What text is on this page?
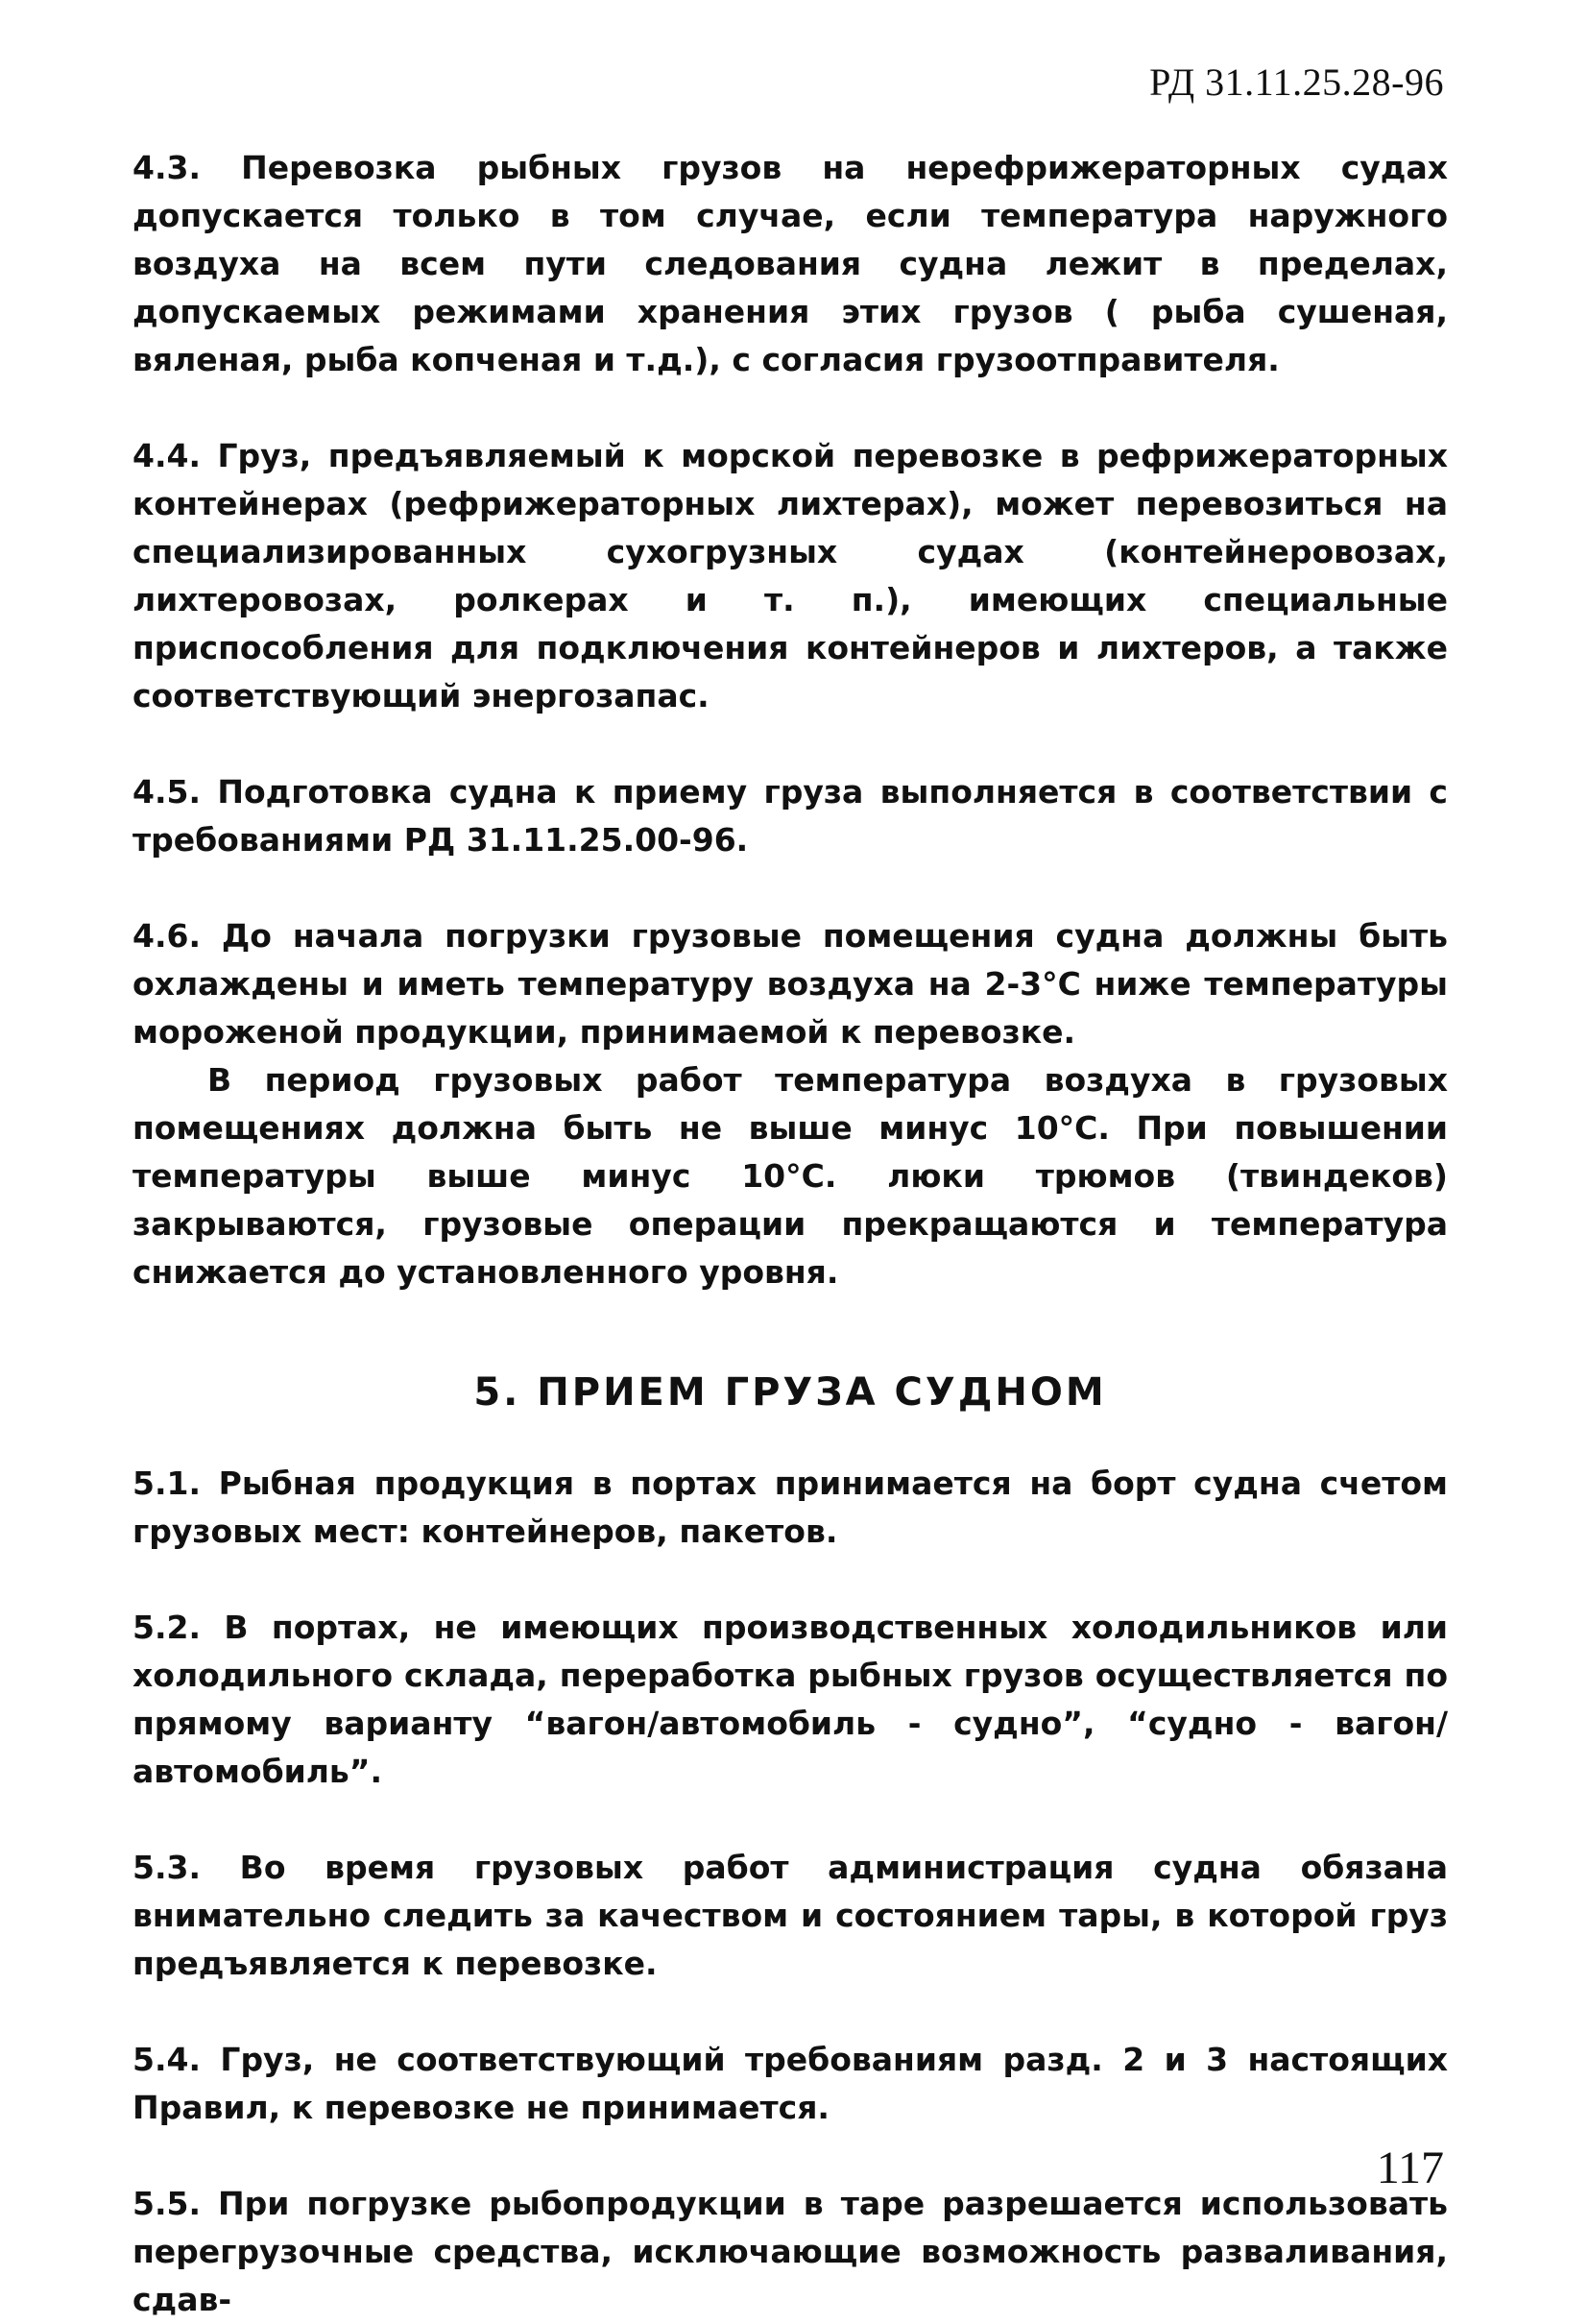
РД 31.11.25.28-96

4.3. Перевозка рыбных грузов на нерефрижераторных судах допускается только в том случае, если температура наружного воздуха на всем пути следования судна лежит в пределах, допускаемых режимами хранения этих грузов ( рыба сушеная, вяленая, рыба копченая и т.д.), с согласия грузоотправителя.

4.4. Груз, предъявляемый к морской перевозке в рефрижераторных контейнерах (рефрижераторных лихтерах), может перевозиться на специализированных сухогрузных судах (контейнеровозах, лихтеровозах, ролкерах и т. п.), имеющих специальные приспособления для подключения контейнеров и лихтеров, а также соответствующий энергозапас.

4.5. Подготовка судна к приему груза выполняется в соответствии с требованиями РД 31.11.25.00-96.

4.6. До начала погрузки грузовые помещения судна должны быть охлаждены и иметь температуру воздуха на 2-3°С ниже температуры мороженой продукции, принимаемой к перевозке.

В период грузовых работ температура воздуха в грузовых помещениях должна быть не выше минус 10°С. При повышении температуры выше минус 10°С. люки трюмов (твиндеков) закрываются, грузовые операции прекращаются и температура снижается до установленного уровня.

5. ПРИЕМ ГРУЗА СУДНОМ

5.1. Рыбная продукция в портах принимается на борт судна счетом грузовых мест: контейнеров, пакетов.

5.2. В портах, не имеющих производственных холодильников или холодильного склада, переработка рыбных грузов осуществляется по прямому варианту “вагон/автомобиль - судно”, “судно - вагон/автомобиль”.

5.3. Во время грузовых работ администрация судна обязана внимательно следить за качеством и состоянием тары, в которой груз предъявляется к перевозке.

5.4. Груз, не соответствующий требованиям разд. 2 и 3 настоящих Правил, к перевозке не принимается.

5.5. При погрузке рыбопродукции в таре разрешается использовать перегрузочные средства, исключающие возможность разваливания, сдав-

117
